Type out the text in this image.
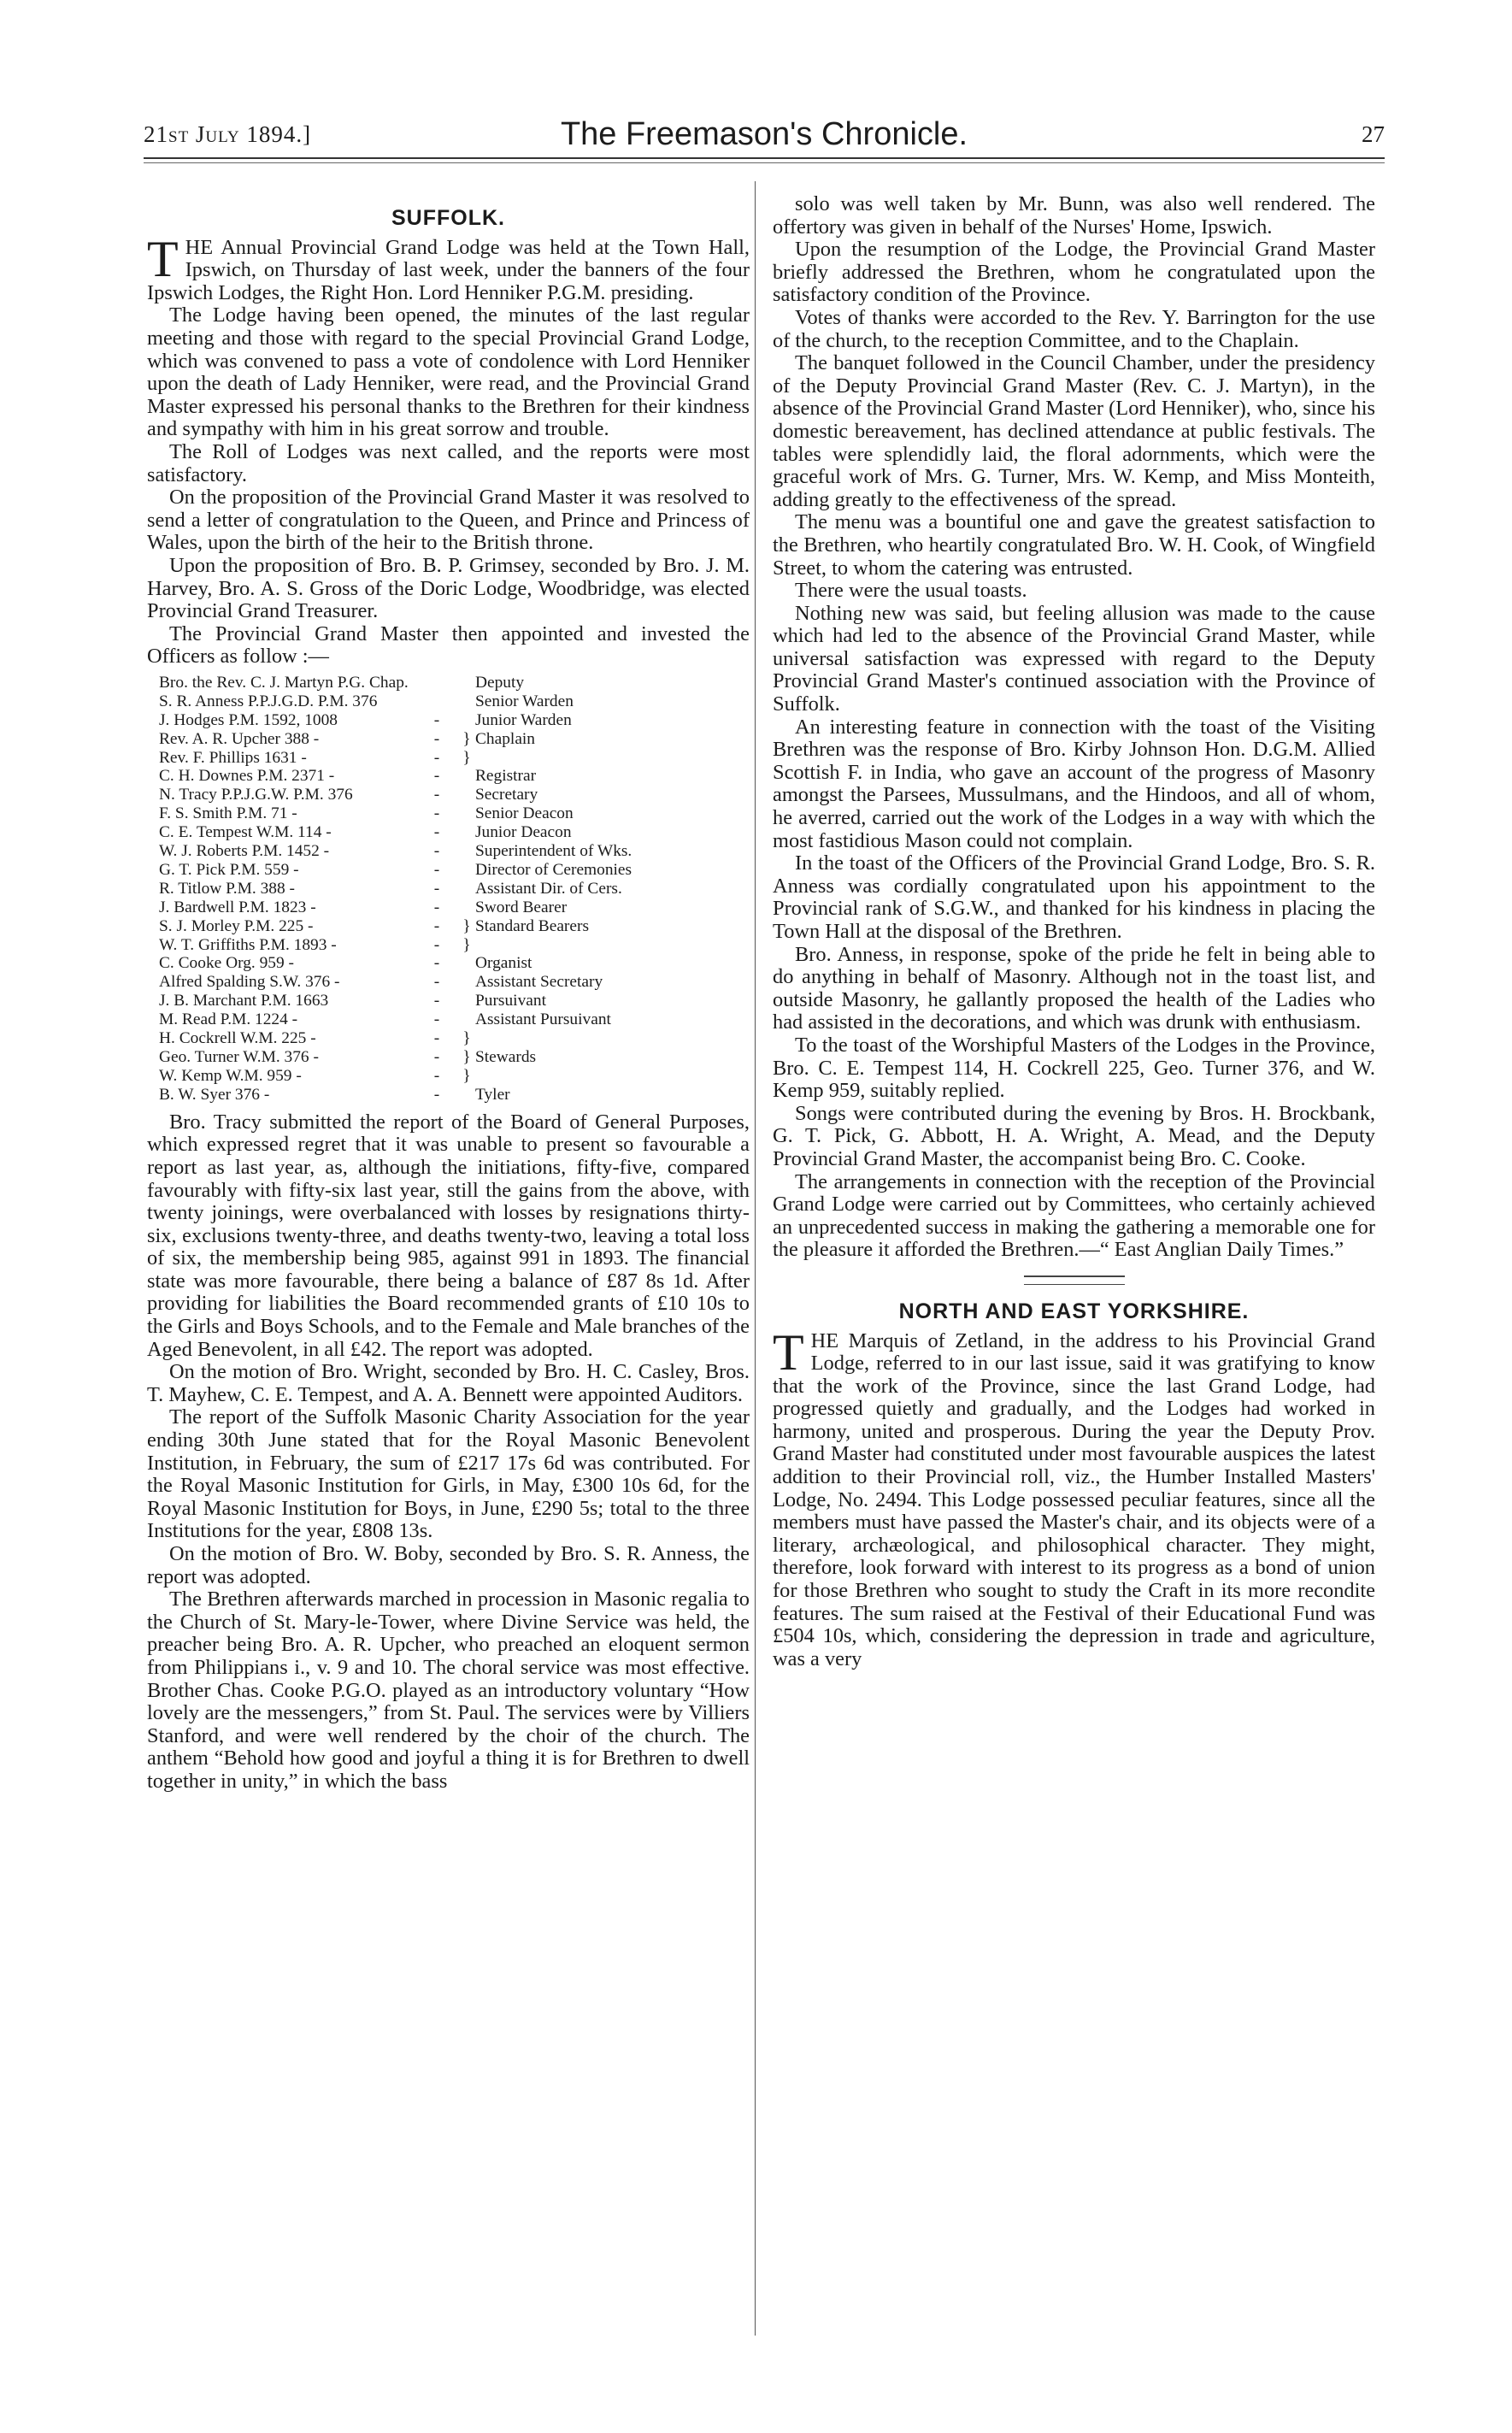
21st July 1894.]	The Freemason's Chronicle.	27
SUFFOLK.

THE Annual Provincial Grand Lodge was held at the Town Hall, Ipswich, on Thursday of last week, under the banners of the four Ipswich Lodges, the Right Hon. Lord Henniker P.G.M. presiding.

The Lodge having been opened, the minutes of the last regular meeting and those with regard to the special Provincial Grand Lodge, which was convened to pass a vote of condolence with Lord Henniker upon the death of Lady Henniker, were read, and the Provincial Grand Master expressed his personal thanks to the Brethren for their kindness and sympathy with him in his great sorrow and trouble.

The Roll of Lodges was next called, and the reports were most satisfactory.

On the proposition of the Provincial Grand Master it was resolved to send a letter of congratulation to the Queen, and Prince and Princess of Wales, upon the birth of the heir to the British throne.

Upon the proposition of Bro. B. P. Grimsey, seconded by Bro. J. M. Harvey, Bro. A. S. Gross of the Doric Lodge, Woodbridge, was elected Provincial Grand Treasurer.

The Provincial Grand Master then appointed and invested the Officers as follow :—

Bro. the Rev. C. J. Martyn P.G. Chap.			Deputy
S. R. Anness P.P.J.G.D. P.M. 376			Senior Warden
J. Hodges P.M. 1592, 1008	-		Junior Warden
Rev. A. R. Upcher 388 -	-	}	Chaplain
Rev. F. Phillips 1631 -	-	}	
C. H. Downes P.M. 2371 -	-		Registrar
N. Tracy P.P.J.G.W. P.M. 376	-		Secretary
F. S. Smith P.M. 71 -	-		Senior Deacon
C. E. Tempest W.M. 114 -	-		Junior Deacon
W. J. Roberts P.M. 1452 -	-		Superintendent of Wks.
G. T. Pick P.M. 559 -	-		Director of Ceremonies
R. Titlow P.M. 388 -	-		Assistant Dir. of Cers.
J. Bardwell P.M. 1823 -	-		Sword Bearer
S. J. Morley P.M. 225 -	-	}	Standard Bearers
W. T. Griffiths P.M. 1893 -	-	}	
C. Cooke Org. 959 -	-		Organist
Alfred Spalding S.W. 376 -	-		Assistant Secretary
J. B. Marchant P.M. 1663	-		Pursuivant
M. Read P.M. 1224 -	-		Assistant Pursuivant
H. Cockrell W.M. 225 -	-	}	
Geo. Turner W.M. 376 -	-	}	Stewards
W. Kemp W.M. 959 -	-	}	
B. W. Syer 376 -	-		Tyler

Bro. Tracy submitted the report of the Board of General Purposes, which expressed regret that it was unable to present so favourable a report as last year, as, although the initiations, fifty-five, compared favourably with fifty-six last year, still the gains from the above, with twenty joinings, were overbalanced with losses by resignations thirty-six, exclusions twenty-three, and deaths twenty-two, leaving a total loss of six, the membership being 985, against 991 in 1893. The financial state was more favourable, there being a balance of £87 8s 1d. After providing for liabilities the Board recommended grants of £10 10s to the Girls and Boys Schools, and to the Female and Male branches of the Aged Benevolent, in all £42. The report was adopted.

On the motion of Bro. Wright, seconded by Bro. H. C. Casley, Bros. T. Mayhew, C. E. Tempest, and A. A. Bennett were appointed Auditors.

The report of the Suffolk Masonic Charity Association for the year ending 30th June stated that for the Royal Masonic Benevolent Institution, in February, the sum of £217 17s 6d was contributed. For the Royal Masonic Institution for Girls, in May, £300 10s 6d, for the Royal Masonic Institution for Boys, in June, £290 5s; total to the three Institutions for the year, £808 13s.

On the motion of Bro. W. Boby, seconded by Bro. S. R. Anness, the report was adopted.

The Brethren afterwards marched in procession in Masonic regalia to the Church of St. Mary-le-Tower, where Divine Service was held, the preacher being Bro. A. R. Upcher, who preached an eloquent sermon from Philippians i., v. 9 and 10. The choral service was most effective. Brother Chas. Cooke P.G.O. played as an introductory voluntary “How lovely are the messengers,” from St. Paul. The services were by Villiers Stanford, and were well rendered by the choir of the church. The anthem “Behold how good and joyful a thing it is for Brethren to dwell together in unity,” in which the bass

solo was well taken by Mr. Bunn, was also well rendered. The offertory was given in behalf of the Nurses' Home, Ipswich.

Upon the resumption of the Lodge, the Provincial Grand Master briefly addressed the Brethren, whom he congratulated upon the satisfactory condition of the Province.

Votes of thanks were accorded to the Rev. Y. Barrington for the use of the church, to the reception Committee, and to the Chaplain.

The banquet followed in the Council Chamber, under the presidency of the Deputy Provincial Grand Master (Rev. C. J. Martyn), in the absence of the Provincial Grand Master (Lord Henniker), who, since his domestic bereavement, has declined attendance at public festivals. The tables were splendidly laid, the floral adornments, which were the graceful work of Mrs. G. Turner, Mrs. W. Kemp, and Miss Monteith, adding greatly to the effectiveness of the spread.

The menu was a bountiful one and gave the greatest satisfaction to the Brethren, who heartily congratulated Bro. W. H. Cook, of Wingfield Street, to whom the catering was entrusted.

There were the usual toasts.

Nothing new was said, but feeling allusion was made to the cause which had led to the absence of the Provincial Grand Master, while universal satisfaction was expressed with regard to the Deputy Provincial Grand Master's continued association with the Province of Suffolk.

An interesting feature in connection with the toast of the Visiting Brethren was the response of Bro. Kirby Johnson Hon. D.G.M. Allied Scottish F. in India, who gave an account of the progress of Masonry amongst the Parsees, Mussulmans, and the Hindoos, and all of whom, he averred, carried out the work of the Lodges in a way with which the most fastidious Mason could not complain.

In the toast of the Officers of the Provincial Grand Lodge, Bro. S. R. Anness was cordially congratulated upon his appointment to the Provincial rank of S.G.W., and thanked for his kindness in placing the Town Hall at the disposal of the Brethren.

Bro. Anness, in response, spoke of the pride he felt in being able to do anything in behalf of Masonry. Although not in the toast list, and outside Masonry, he gallantly proposed the health of the Ladies who had assisted in the decorations, and which was drunk with enthusiasm.

To the toast of the Worshipful Masters of the Lodges in the Province, Bro. C. E. Tempest 114, H. Cockrell 225, Geo. Turner 376, and W. Kemp 959, suitably replied.

Songs were contributed during the evening by Bros. H. Brockbank, G. T. Pick, G. Abbott, H. A. Wright, A. Mead, and the Deputy Provincial Grand Master, the accompanist being Bro. C. Cooke.

The arrangements in connection with the reception of the Provincial Grand Lodge were carried out by Committees, who certainly achieved an unprecedented success in making the gathering a memorable one for the pleasure it afforded the Brethren.—“ East Anglian Daily Times.”

NORTH AND EAST YORKSHIRE.

THE Marquis of Zetland, in the address to his Provincial Grand Lodge, referred to in our last issue, said it was gratifying to know that the work of the Province, since the last Grand Lodge, had progressed quietly and gradually, and the Lodges had worked in harmony, united and prosperous. During the year the Deputy Prov. Grand Master had constituted under most favourable auspices the latest addition to their Provincial roll, viz., the Humber Installed Masters' Lodge, No. 2494. This Lodge possessed peculiar features, since all the members must have passed the Master's chair, and its objects were of a literary, archæological, and philosophical character. They might, therefore, look forward with interest to its progress as a bond of union for those Brethren who sought to study the Craft in its more recondite features. The sum raised at the Festival of their Educational Fund was £504 10s, which, considering the depression in trade and agriculture, was a very
